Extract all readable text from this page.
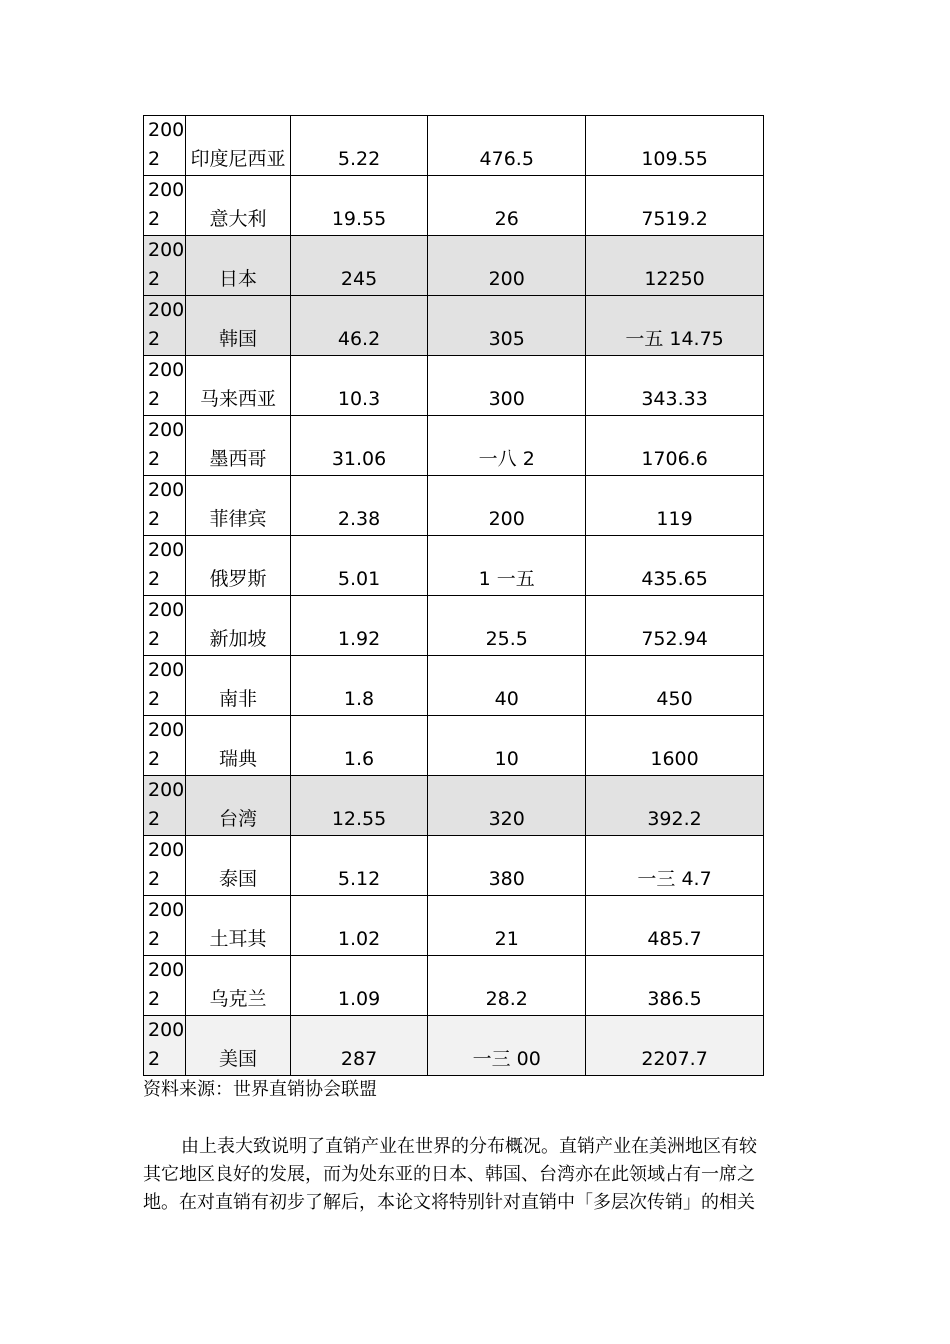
2002	印度尼西亚	5.22	476.5	109.55

2002	意大利	19.55	26	7519.2

2002	日本	245	200	12250

2002	韩国	46.2	305	一五 14.75

2002	马来西亚	10.3	300	343.33

2002	墨西哥	31.06	一八 2	1706.6

2002	菲律宾	2.38	200	119

2002	俄罗斯	5.01	1 一五	435.65

2002	新加坡	1.92	25.5	752.94

2002	南非	1.8	40	450

2002	瑞典	1.6	10	1600

2002	台湾	12.55	320	392.2

2002	泰国	5.12	380	一三 4.7

2002	土耳其	1.02	21	485.7

2002	乌克兰	1.09	28.2	386.5

2002	美国	287	一三 00	2207.7
资料来源：世界直销协会联盟

由上表大致说明了直销产业在世界的分布概况。直销产业在美洲地区有较

其它地区良好的发展，而为处东亚的日本、韩国、台湾亦在此领域占有一席之

地。在对直销有初步了解后，本论文将特别针对直销中「多层次传销」的相关
